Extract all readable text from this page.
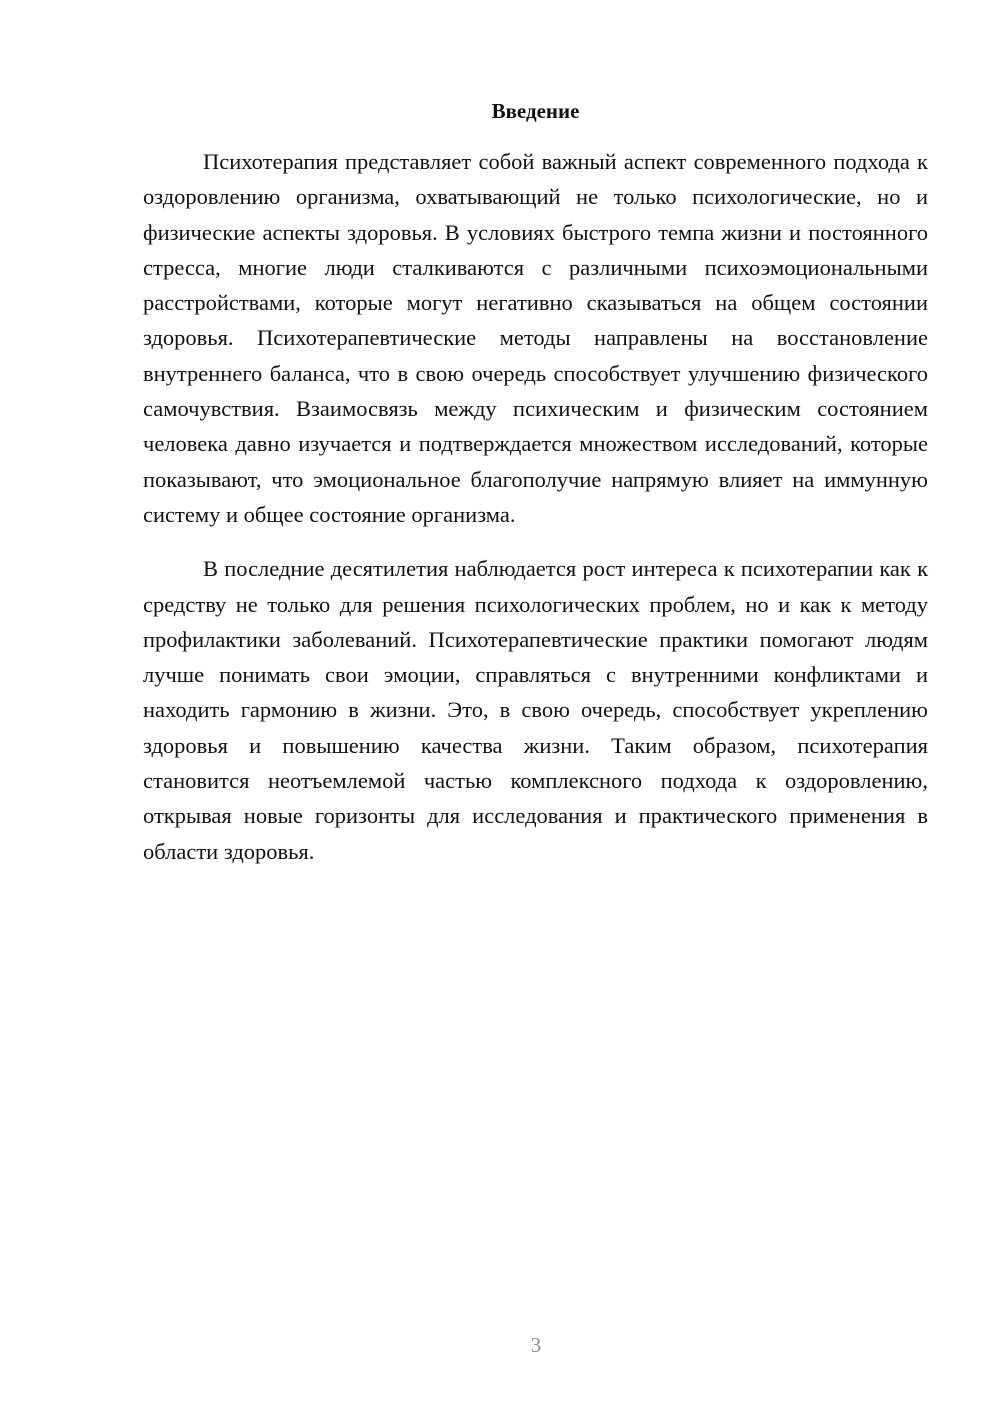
Введение

Психотерапия представляет собой важный аспект современного подхода к оздоровлению организма, охватывающий не только психологические, но и физические аспекты здоровья. В условиях быстрого темпа жизни и постоянного стресса, многие люди сталкиваются с различными психоэмоциональными расстройствами, которые могут негативно сказываться на общем состоянии здоровья. Психотерапевтические методы направлены на восстановление внутреннего баланса, что в свою очередь способствует улучшению физического самочувствия. Взаимосвязь между психическим и физическим состоянием человека давно изучается и подтверждается множеством исследований, которые показывают, что эмоциональное благополучие напрямую влияет на иммунную систему и общее состояние организма.

В последние десятилетия наблюдается рост интереса к психотерапии как к средству не только для решения психологических проблем, но и как к методу профилактики заболеваний. Психотерапевтические практики помогают людям лучше понимать свои эмоции, справляться с внутренними конфликтами и находить гармонию в жизни. Это, в свою очередь, способствует укреплению здоровья и повышению качества жизни. Таким образом, психотерапия становится неотъемлемой частью комплексного подхода к оздоровлению, открывая новые горизонты для исследования и практического применения в области здоровья.

3
